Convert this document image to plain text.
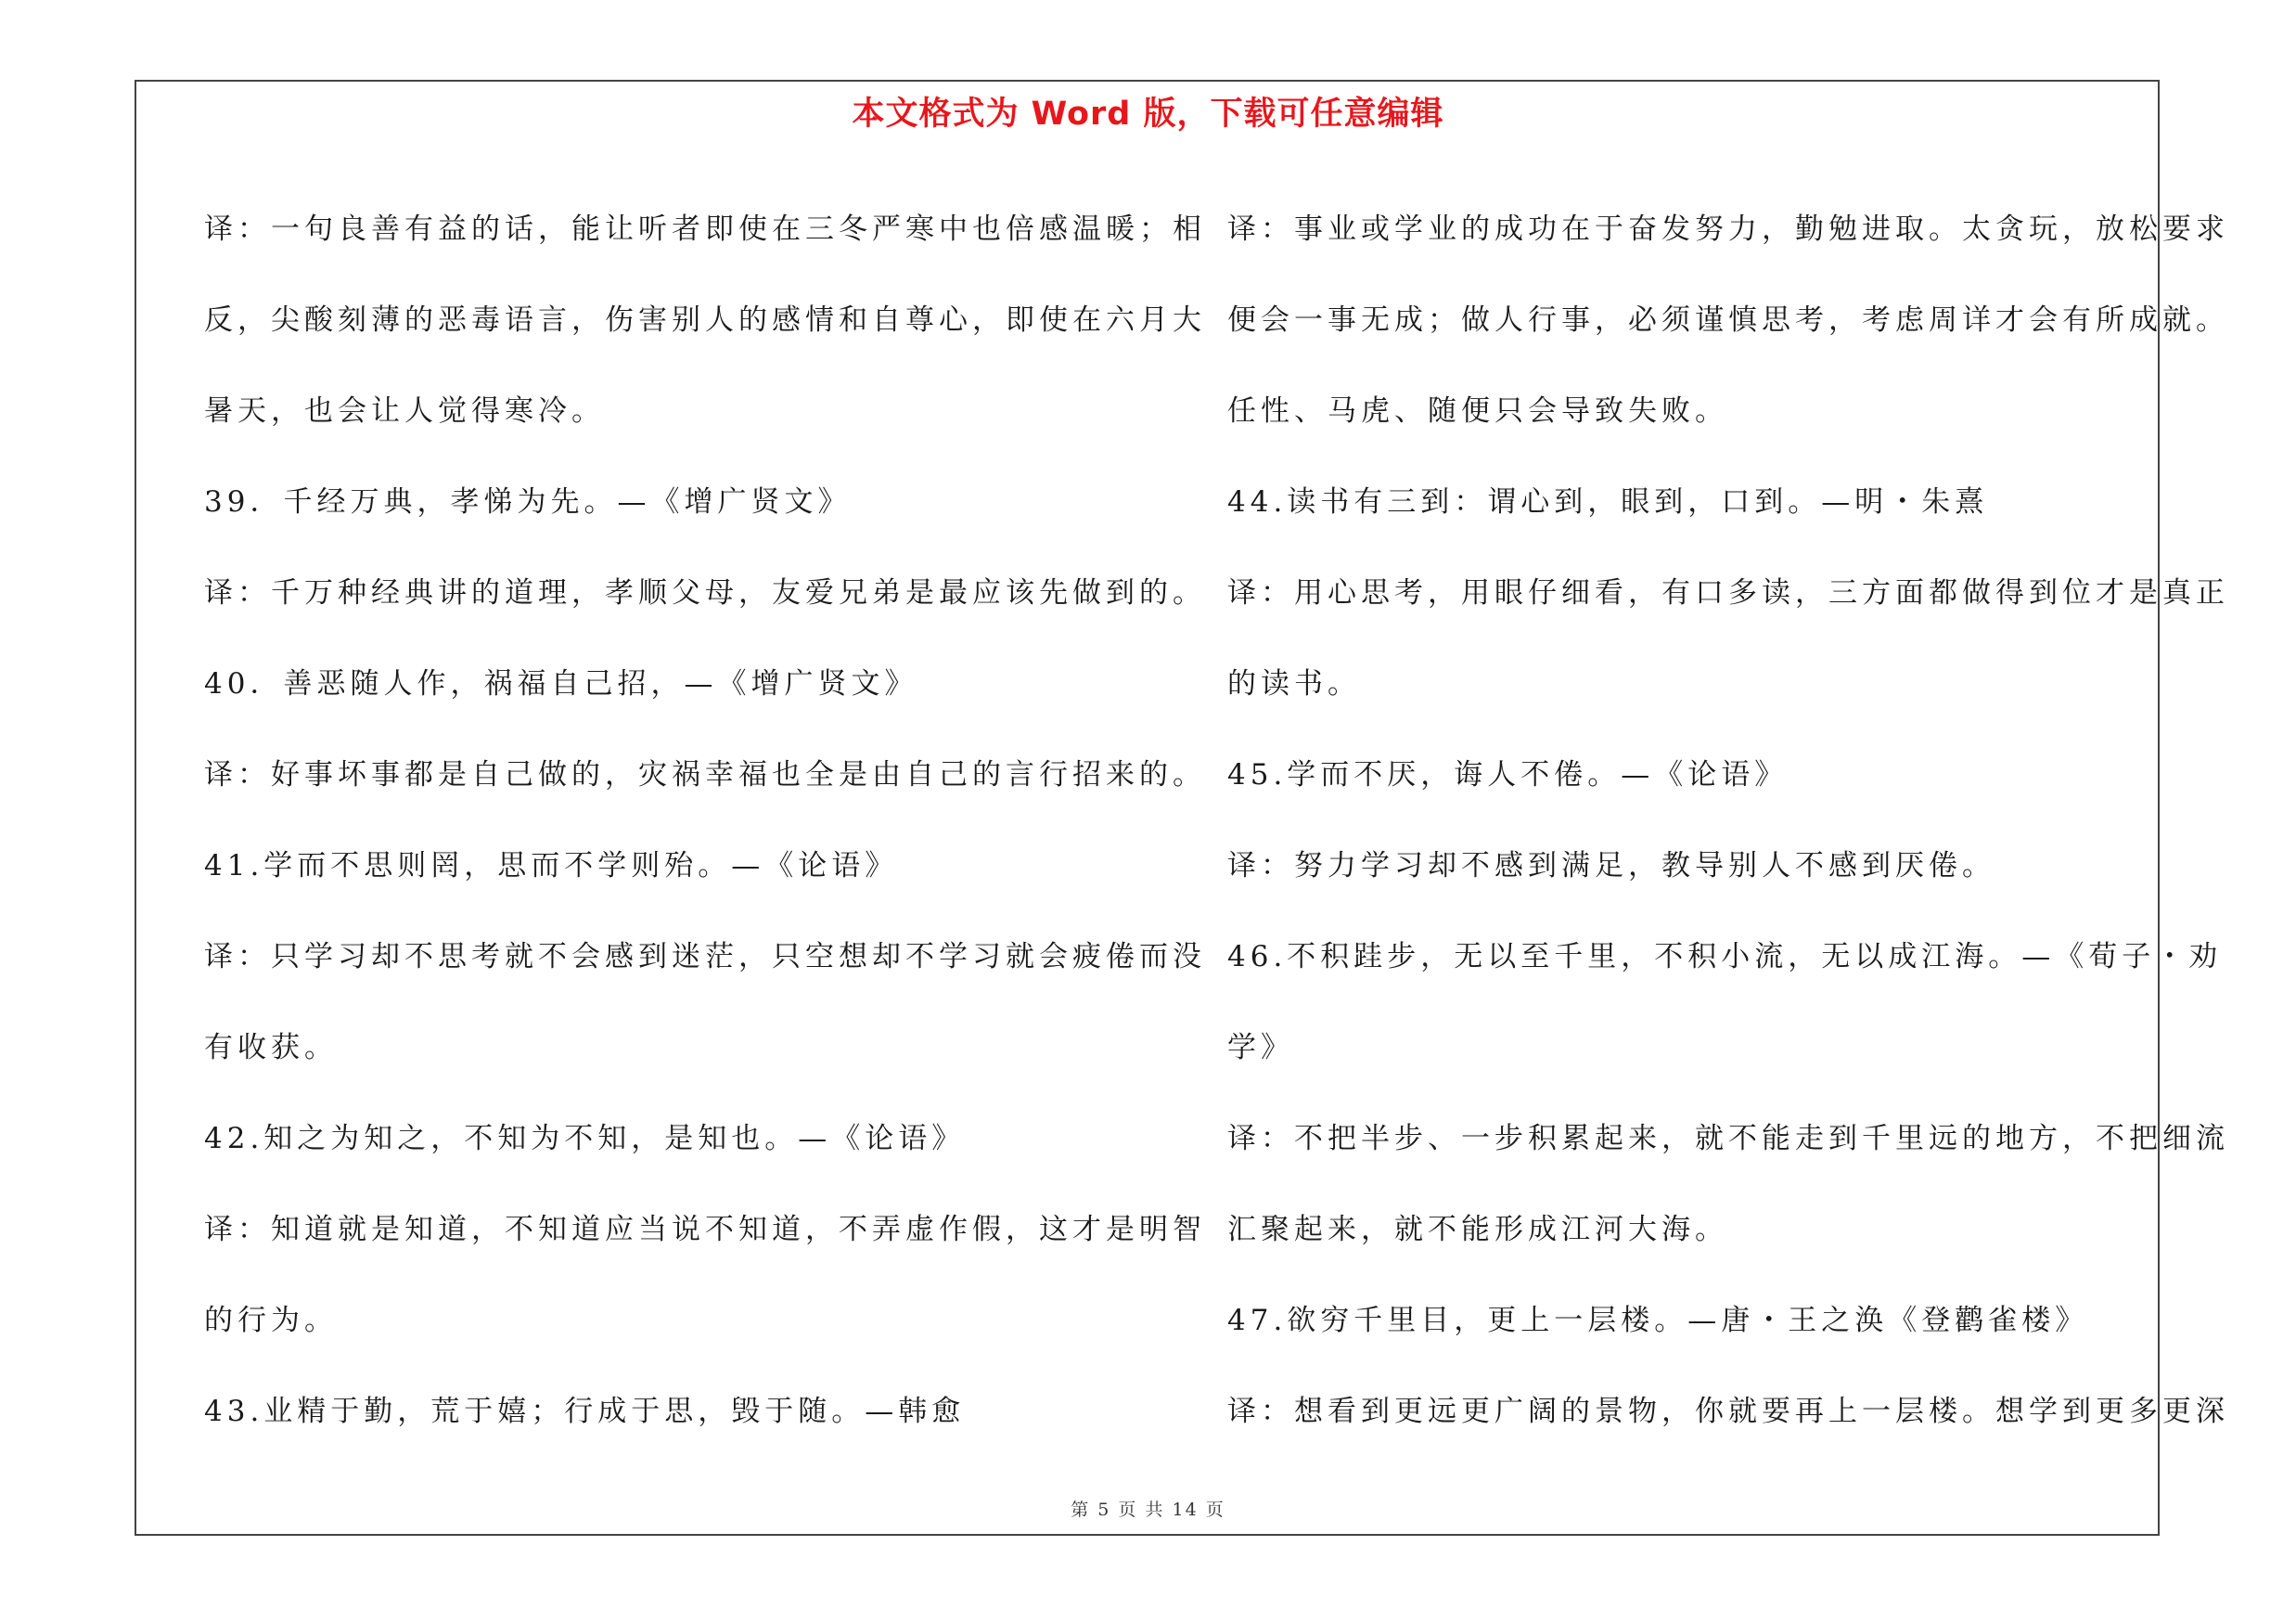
本文格式为 Word 版，下载可任意编辑
译：一句良善有益的话，能让听者即使在三冬严寒中也倍感温暖；相
反，尖酸刻薄的恶毒语言，伤害别人的感情和自尊心，即使在六月大
暑天，也会让人觉得寒冷。
39．千经万典，孝悌为先。—《增广贤文》
译：千万种经典讲的道理，孝顺父母，友爱兄弟是最应该先做到的。
40．善恶随人作，祸福自己招，—《增广贤文》
译：好事坏事都是自己做的，灾祸幸福也全是由自己的言行招来的。
41.学而不思则罔，思而不学则殆。—《论语》
译：只学习却不思考就不会感到迷茫，只空想却不学习就会疲倦而没
有收获。
42.知之为知之，不知为不知，是知也。—《论语》
译：知道就是知道，不知道应当说不知道，不弄虚作假，这才是明智
的行为。
43.业精于勤，荒于嬉；行成于思，毁于随。—韩愈
译：事业或学业的成功在于奋发努力，勤勉进取。太贪玩，放松要求
便会一事无成；做人行事，必须谨慎思考，考虑周详才会有所成就。
任性、马虎、随便只会导致失败。
44.读书有三到：谓心到，眼到，口到。—明・朱熹
译：用心思考，用眼仔细看，有口多读，三方面都做得到位才是真正
的读书。
45.学而不厌，诲人不倦。—《论语》
译：努力学习却不感到满足，教导别人不感到厌倦。
46.不积跬步，无以至千里，不积小流，无以成江海。—《荀子・劝
学》
译：不把半步、一步积累起来，就不能走到千里远的地方，不把细流
汇聚起来，就不能形成江河大海。
47.欲穷千里目，更上一层楼。—唐・王之涣《登鹳雀楼》
译：想看到更远更广阔的景物，你就要再上一层楼。想学到更多更深
第 5 页 共 14 页
